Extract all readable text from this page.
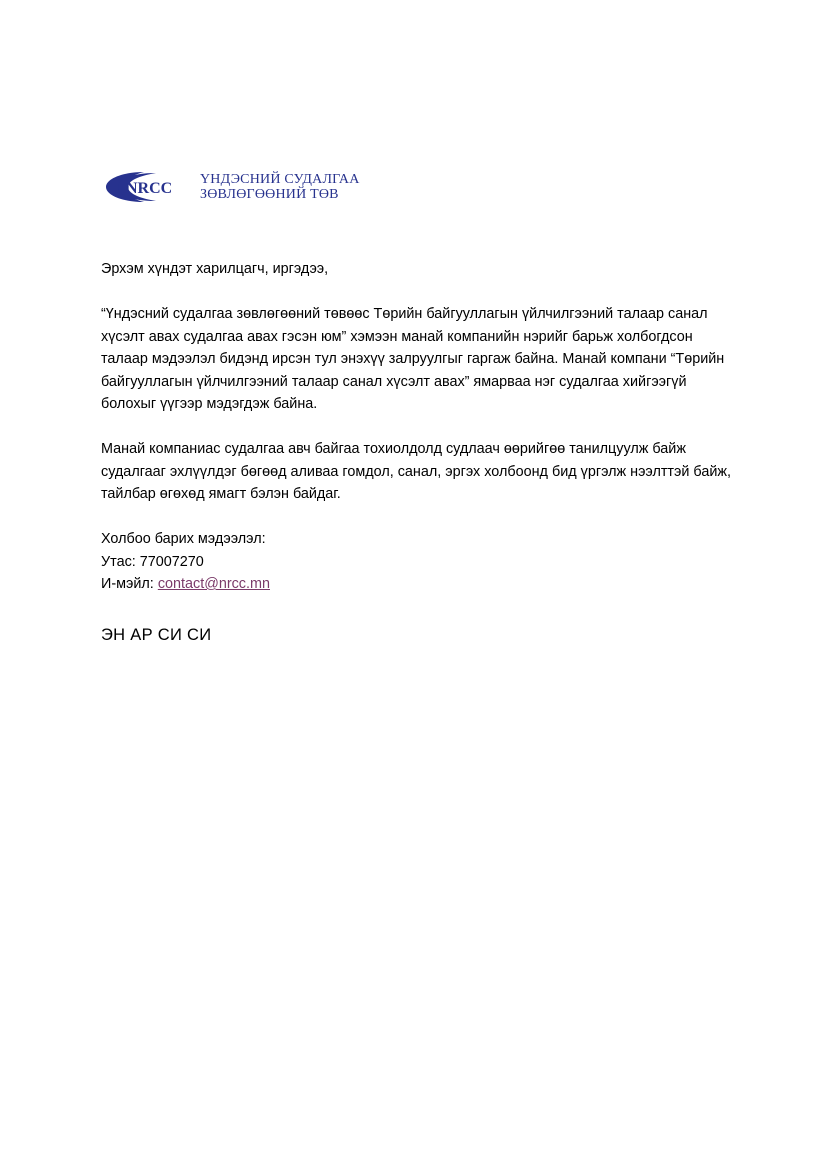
NRCC
ҮНДЭСНИЙ СУДАЛГАА
ЗӨВЛӨГӨӨНИЙ ТӨВ

Эрхэм хүндэт харилцагч, иргэдээ,

“Үндэсний судалгаа зөвлөгөөний төвөөс Төрийн байгууллагын үйлчилгээний талаар санал хүсэлт авах судалгаа авах гэсэн юм” хэмээн манай компанийн нэрийг барьж холбогдсон талаар мэдээлэл бидэнд ирсэн тул энэхүү залруулгыг гаргаж байна. Манай компани “Төрийн байгууллагын үйлчилгээний талаар санал хүсэлт авах” ямарваа нэг судалгаа хийгээгүй болохыг үүгээр мэдэгдэж байна.

Манай компаниас судалгаа авч байгаа тохиолдолд судлаач өөрийгөө танилцуулж байж судалгааг эхлүүлдэг бөгөөд аливаа гомдол, санал, эргэх холбоонд бид үргэлж нээлттэй байж, тайлбар өгөхөд ямагт бэлэн байдаг.

Холбоо барих мэдээлэл:
Утас: 77007270
И-мэйл: contact@nrcc.mn

ЭН АР СИ СИ
